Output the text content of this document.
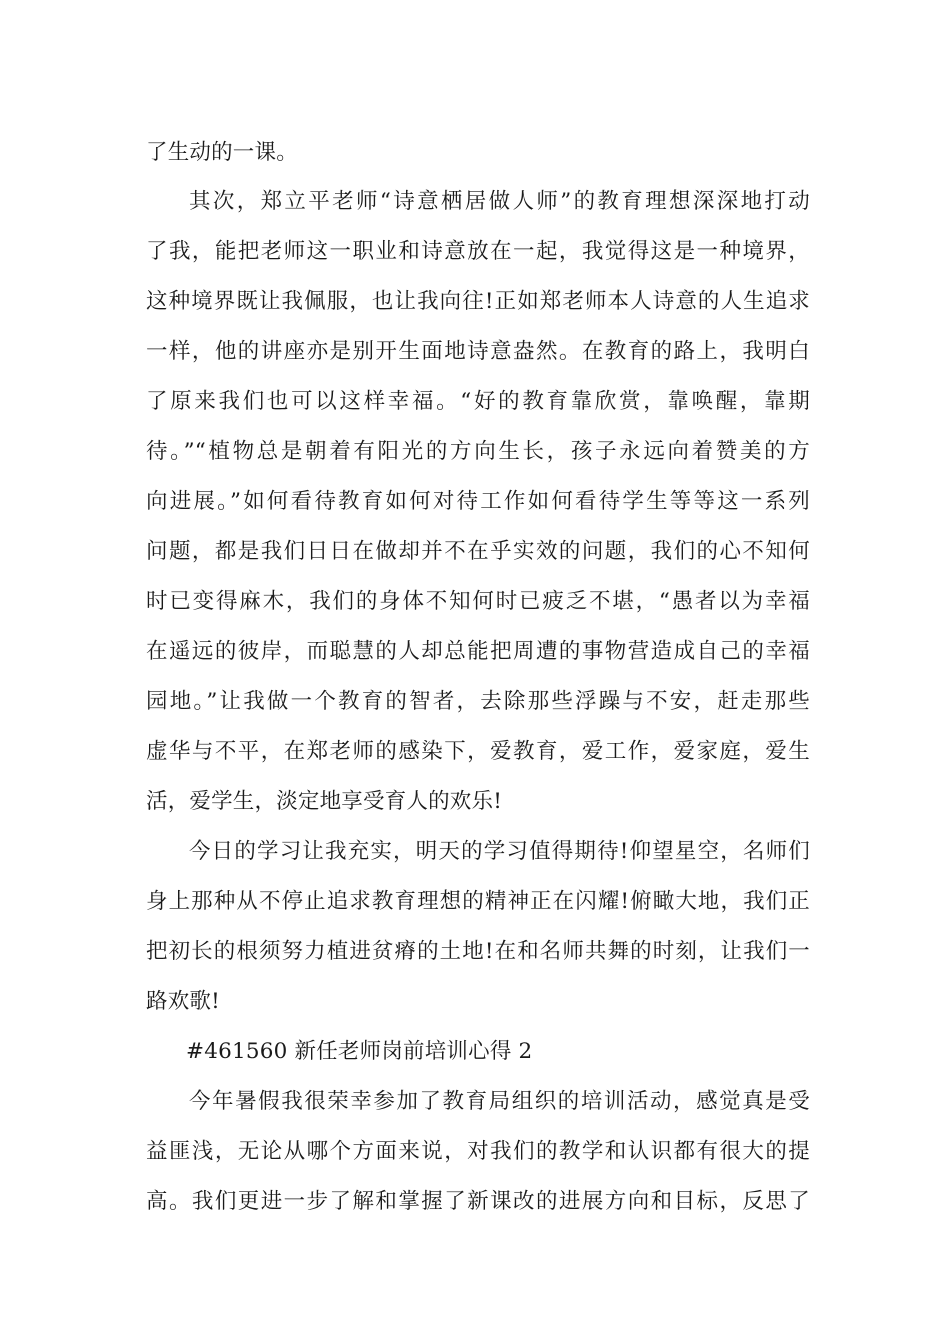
了生动的一课。
其次，郑立平老师“诗意栖居做人师”的教育理想深深地打动
了我，能把老师这一职业和诗意放在一起，我觉得这是一种境界，
这种境界既让我佩服，也让我向往!正如郑老师本人诗意的人生追求
一样，他的讲座亦是别开生面地诗意盎然。在教育的路上，我明白
了原来我们也可以这样幸福。“好的教育靠欣赏，靠唤醒，靠期
待。”“植物总是朝着有阳光的方向生长，孩子永远向着赞美的方
向进展。”如何看待教育如何对待工作如何看待学生等等这一系列
问题，都是我们日日在做却并不在乎实效的问题，我们的心不知何
时已变得麻木，我们的身体不知何时已疲乏不堪，“愚者以为幸福
在遥远的彼岸，而聪慧的人却总能把周遭的事物营造成自己的幸福
园地。”让我做一个教育的智者，去除那些浮躁与不安，赶走那些
虚华与不平，在郑老师的感染下，爱教育，爱工作，爱家庭，爱生
活，爱学生，淡定地享受育人的欢乐!
今日的学习让我充实，明天的学习值得期待!仰望星空，名师们
身上那种从不停止追求教育理想的精神正在闪耀!俯瞰大地，我们正
把初长的根须努力植进贫瘠的土地!在和名师共舞的时刻，让我们一
路欢歌!
#461560 新任老师岗前培训心得 2
今年暑假我很荣幸参加了教育局组织的培训活动，感觉真是受
益匪浅，无论从哪个方面来说，对我们的教学和认识都有很大的提
高。我们更进一步了解和掌握了新课改的进展方向和目标，反思了
